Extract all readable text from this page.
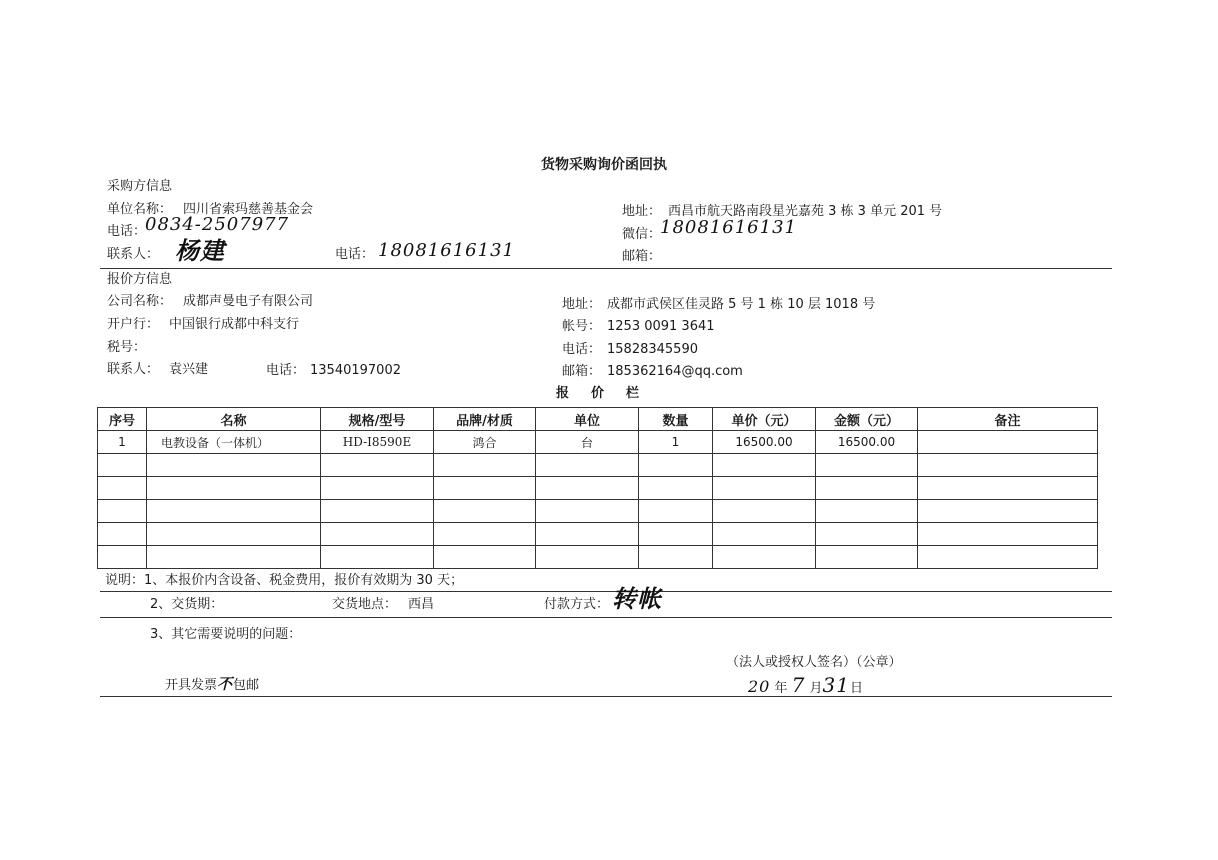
货物采购询价函回执
采购方信息
单位名称： 四川省索玛慈善基金会	地址： 西昌市航天路南段星光嘉苑 3 栋 3 单元 201 号
电话：
0834-2507977	微信：
18081616131
联系人： 杨建	电话： 18081616131	邮箱：
报价方信息
公司名称： 成都声曼电子有限公司	地址： 成都市武侯区佳灵路 5 号 1 栋 10 层 1018 号
开户行： 中国银行成都中科支行	帐号： 1253 0091 3641
税号：	电话： 15828345590
联系人： 袁兴建	电话： 13540197002	邮箱： 185362164@qq.com
报价栏
序号	名称	规格/型号	品牌/材质	单位	数量	单价（元）	金额（元）	备注
1	电教设备（一体机）	HD-I8590E	鸿合	台	1	16500.00	16500.00	

说明：1、本报价内含设备、税金费用，报价有效期为 30 天；
2、交货期：	交货地点： 西昌	付款方式： 转帐
3、其它需要说明的问题：
开具发票不包邮
（法人或授权人签名）（公章）
20 年 7 月31日
